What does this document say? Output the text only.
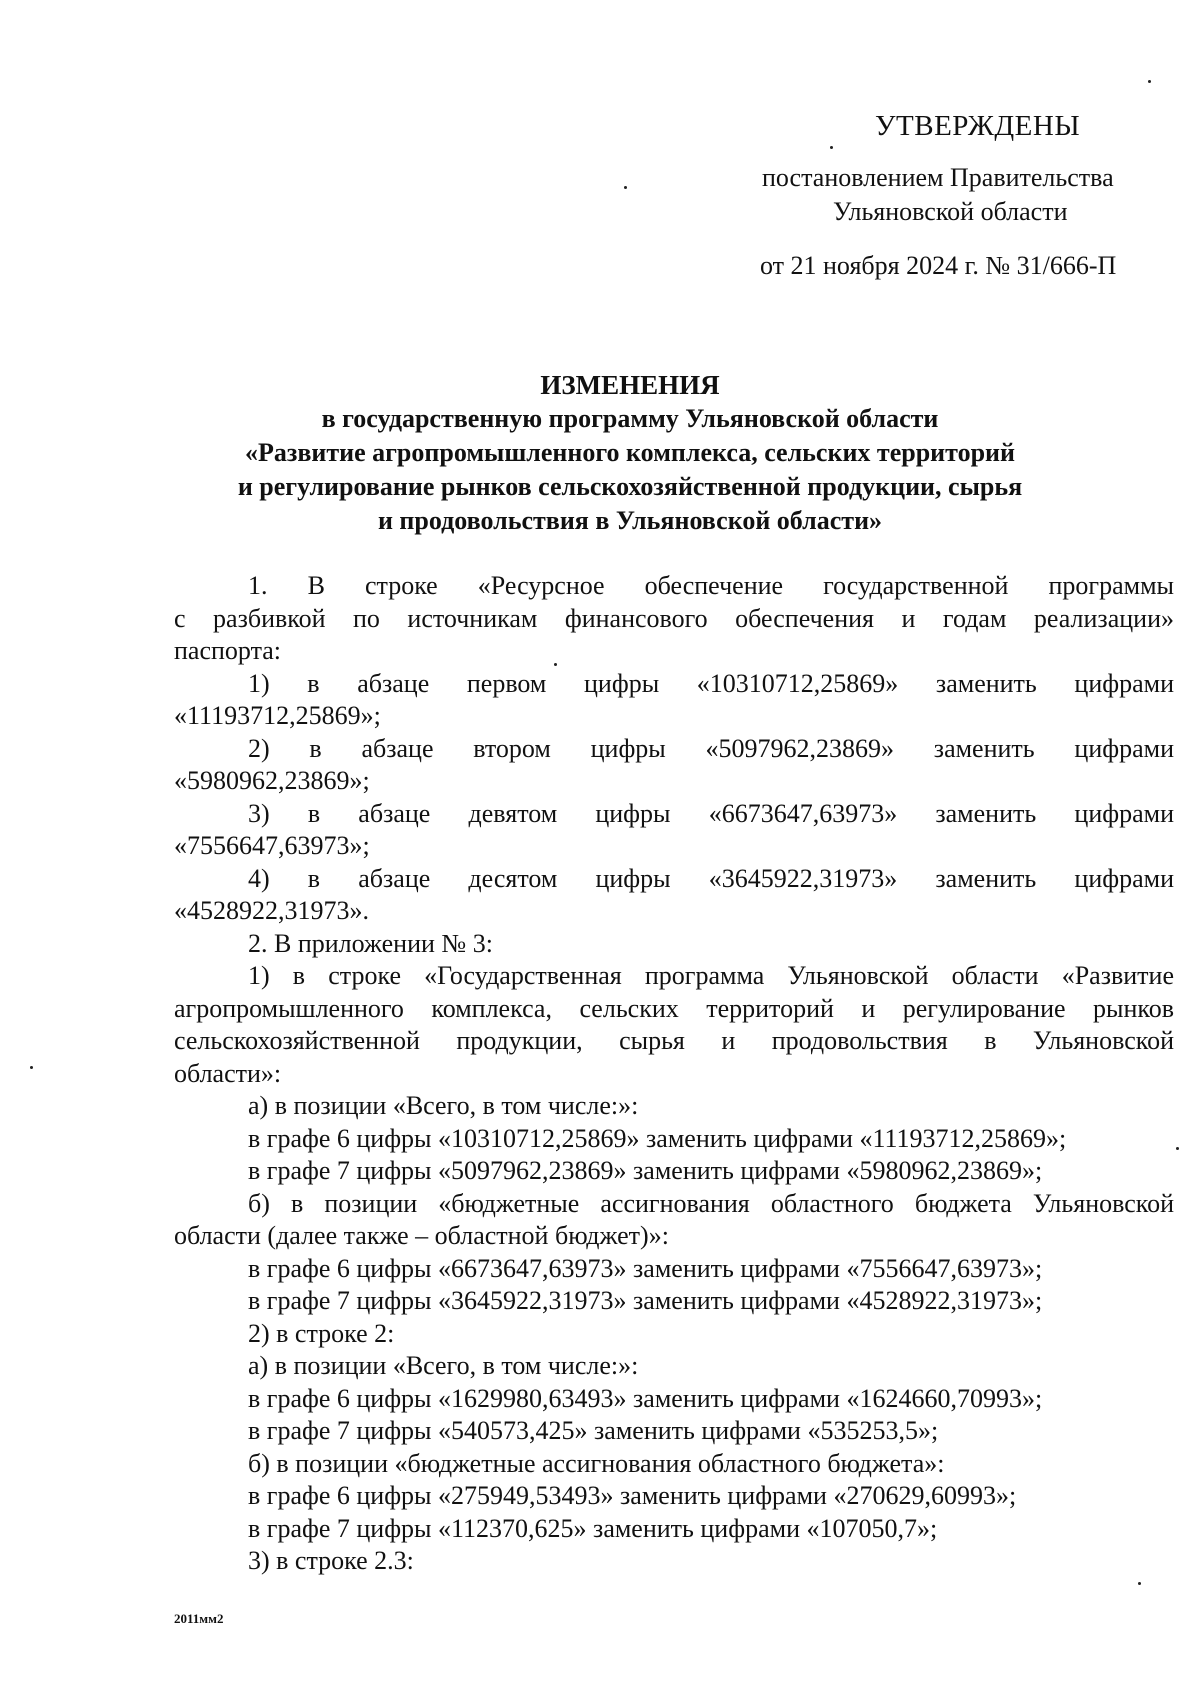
УТВЕРЖДЕНЫ
постановлением Правительства
Ульяновской области
от 21 ноября 2024 г. № 31/666-П
ИЗМЕНЕНИЯ
в государственную программу Ульяновской области
«Развитие агропромышленного комплекса, сельских территорий
и регулирование рынков сельскохозяйственной продукции, сырья
и продовольствия в Ульяновской области»
1. В строке «Ресурсное обеспечение государственной программы
с разбивкой по источникам финансового обеспечения и годам реализации»
паспорта:
1) в абзаце первом цифры «10310712,25869» заменить цифрами
«11193712,25869»;
2) в абзаце втором цифры «5097962,23869» заменить цифрами
«5980962,23869»;
3) в абзаце девятом цифры «6673647,63973» заменить цифрами
«7556647,63973»;
4) в абзаце десятом цифры «3645922,31973» заменить цифрами
«4528922,31973».
2. В приложении № 3:
1) в строке «Государственная программа Ульяновской области «Развитие
агропромышленного комплекса, сельских территорий и регулирование рынков
сельскохозяйственной продукции, сырья и продовольствия в Ульяновской
области»:
а) в позиции «Всего, в том числе:»:
в графе 6 цифры «10310712,25869» заменить цифрами «11193712,25869»;
в графе 7 цифры «5097962,23869» заменить цифрами «5980962,23869»;
б) в позиции «бюджетные ассигнования областного бюджета Ульяновской
области (далее также – областной бюджет)»:
в графе 6 цифры «6673647,63973» заменить цифрами «7556647,63973»;
в графе 7 цифры «3645922,31973» заменить цифрами «4528922,31973»;
2) в строке 2:
а) в позиции «Всего, в том числе:»:
в графе 6 цифры «1629980,63493» заменить цифрами «1624660,70993»;
в графе 7 цифры «540573,425» заменить цифрами «535253,5»;
б) в позиции «бюджетные ассигнования областного бюджета»:
в графе 6 цифры «275949,53493» заменить цифрами «270629,60993»;
в графе 7 цифры «112370,625» заменить цифрами «107050,7»;
3) в строке 2.3:
2011мм2
